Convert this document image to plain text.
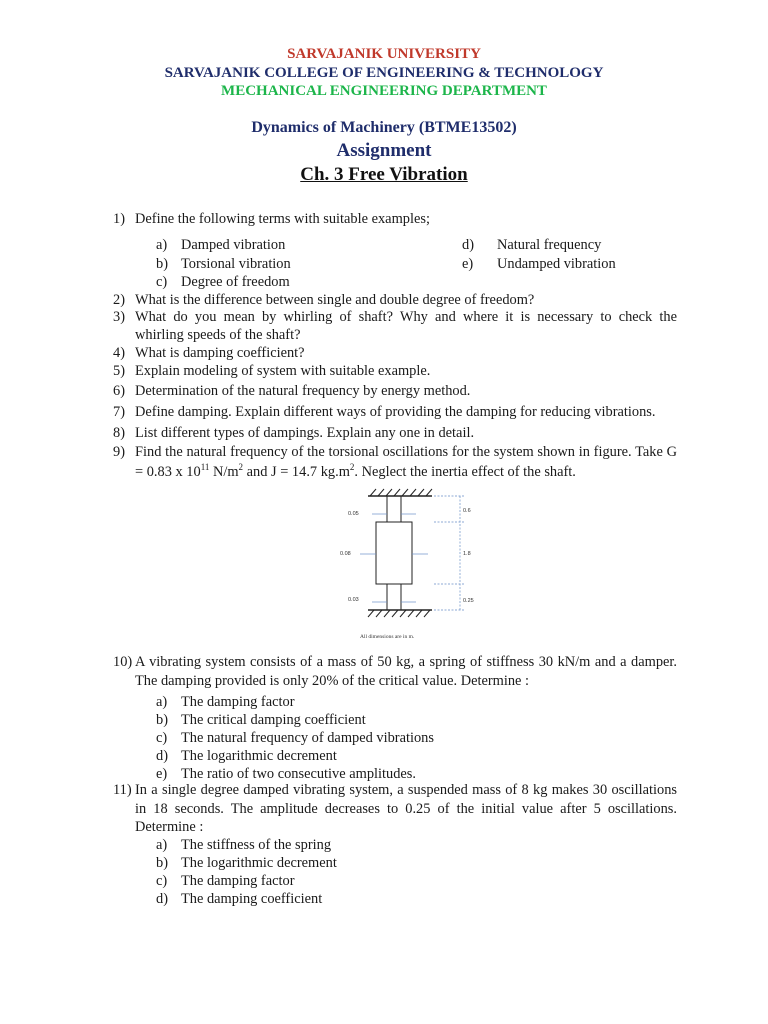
SARVAJANIK UNIVERSITY
SARVAJANIK COLLEGE OF ENGINEERING & TECHNOLOGY
MECHANICAL ENGINEERING DEPARTMENT
Dynamics of Machinery (BTME13502)
Assignment
Ch. 3 Free Vibration
1) Define the following terms with suitable examples;
a) Damped vibration
b) Torsional vibration
c) Degree of freedom
d) Natural frequency
e) Undamped vibration
2) What is the difference between single and double degree of freedom?
3) What do you mean by whirling of shaft? Why and where it is necessary to check the
whirling speeds of the shaft?
4) What is damping coefficient?
5) Explain modeling of system with suitable example.
6) Determination of the natural frequency by energy method.
7) Define damping. Explain different ways of providing the damping for reducing vibrations.
8) List different types of dampings. Explain any one in detail.
9) Find the natural frequency of the torsional oscillations for the system shown in figure. Take G
= 0.83 x $10^{11}$ $N/m^2$ and J = 14.7 $kg.m^2$. Neglect the inertia effect of the shaft.
0.05
0.08
0.03
0.6
1.8
0.25
All dimensions are in m.
10) A vibrating system consists of a mass of 50 kg, a spring of stiffness 30 kN/m and a damper.
The damping provided is only 20% of the critical value. Determine :
a) The damping factor
b) The critical damping coefficient
c) The natural frequency of damped vibrations
d) The logarithmic decrement
e) The ratio of two consecutive amplitudes.
11) In a single degree damped vibrating system, a suspended mass of 8 kg makes 30 oscillations
in 18 seconds. The amplitude decreases to 0.25 of the initial value after 5 oscillations.
Determine :
a) The stiffness of the spring
b) The logarithmic decrement
c) The damping factor
d) The damping coefficient
